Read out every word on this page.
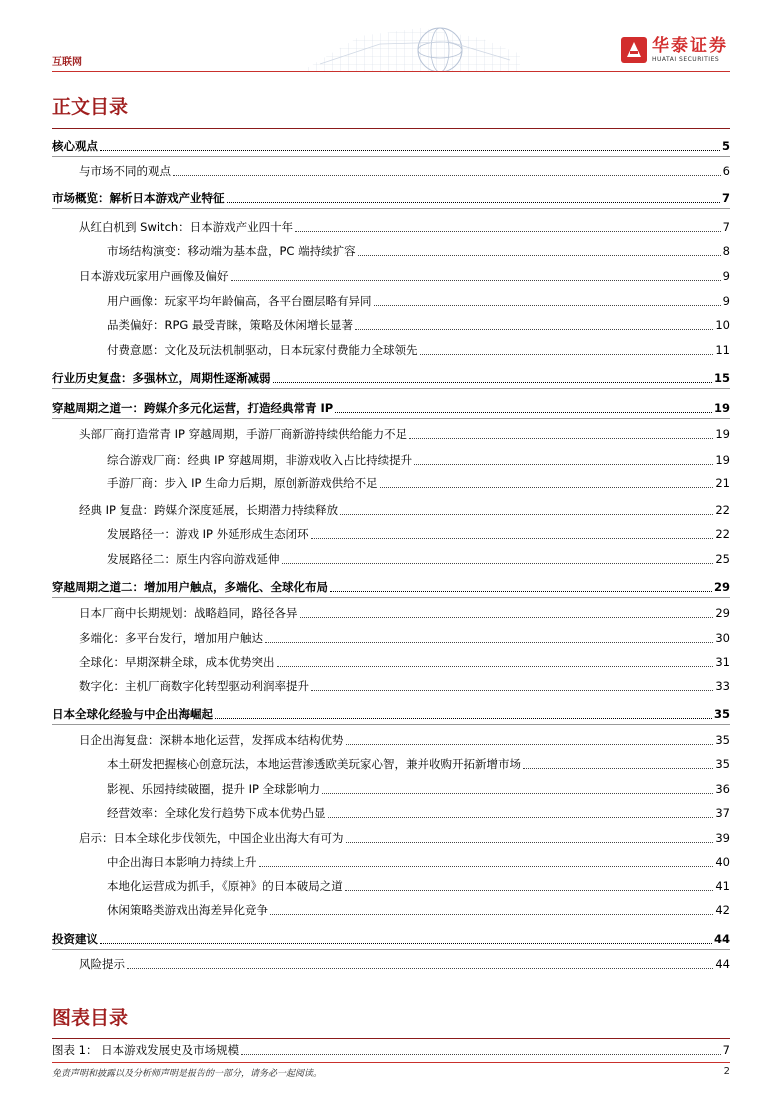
互联网
华泰证券
HUATAI SECURITIES
正文目录
核心观点	5
与市场不同的观点	6
市场概览：解析日本游戏产业特征	7
从红白机到 Switch：日本游戏产业四十年	7
市场结构演变：移动端为基本盘，PC 端持续扩容	8
日本游戏玩家用户画像及偏好	9
用户画像：玩家平均年龄偏高，各平台圈层略有异同	9
品类偏好：RPG 最受青睐，策略及休闲增长显著	10
付费意愿：文化及玩法机制驱动，日本玩家付费能力全球领先	11
行业历史复盘：多强林立，周期性逐渐减弱	15
穿越周期之道一：跨媒介多元化运营，打造经典常青 IP	19
头部厂商打造常青 IP 穿越周期，手游厂商新游持续供给能力不足	19
综合游戏厂商：经典 IP 穿越周期，非游戏收入占比持续提升	19
手游厂商：步入 IP 生命力后期，原创新游戏供给不足	21
经典 IP 复盘：跨媒介深度延展，长期潜力持续释放	22
发展路径一：游戏 IP 外延形成生态闭环	22
发展路径二：原生内容向游戏延伸	25
穿越周期之道二：增加用户触点，多端化、全球化布局	29
日本厂商中长期规划：战略趋同，路径各异	29
多端化：多平台发行，增加用户触达	30
全球化：早期深耕全球，成本优势突出	31
数字化：主机厂商数字化转型驱动利润率提升	33
日本全球化经验与中企出海崛起	35
日企出海复盘：深耕本地化运营，发挥成本结构优势	35
本土研发把握核心创意玩法，本地运营渗透欧美玩家心智，兼并收购开拓新增市场	35
影视、乐园持续破圈，提升 IP 全球影响力	36
经营效率：全球化发行趋势下成本优势凸显	37
启示：日本全球化步伐领先，中国企业出海大有可为	39
中企出海日本影响力持续上升	40
本地化运营成为抓手，《原神》的日本破局之道	41
休闲策略类游戏出海差异化竞争	42
投资建议	44
风险提示	44
图表目录
图表 1： 日本游戏发展史及市场规模	7
免责声明和披露以及分析师声明是报告的一部分，请务必一起阅读。	2
